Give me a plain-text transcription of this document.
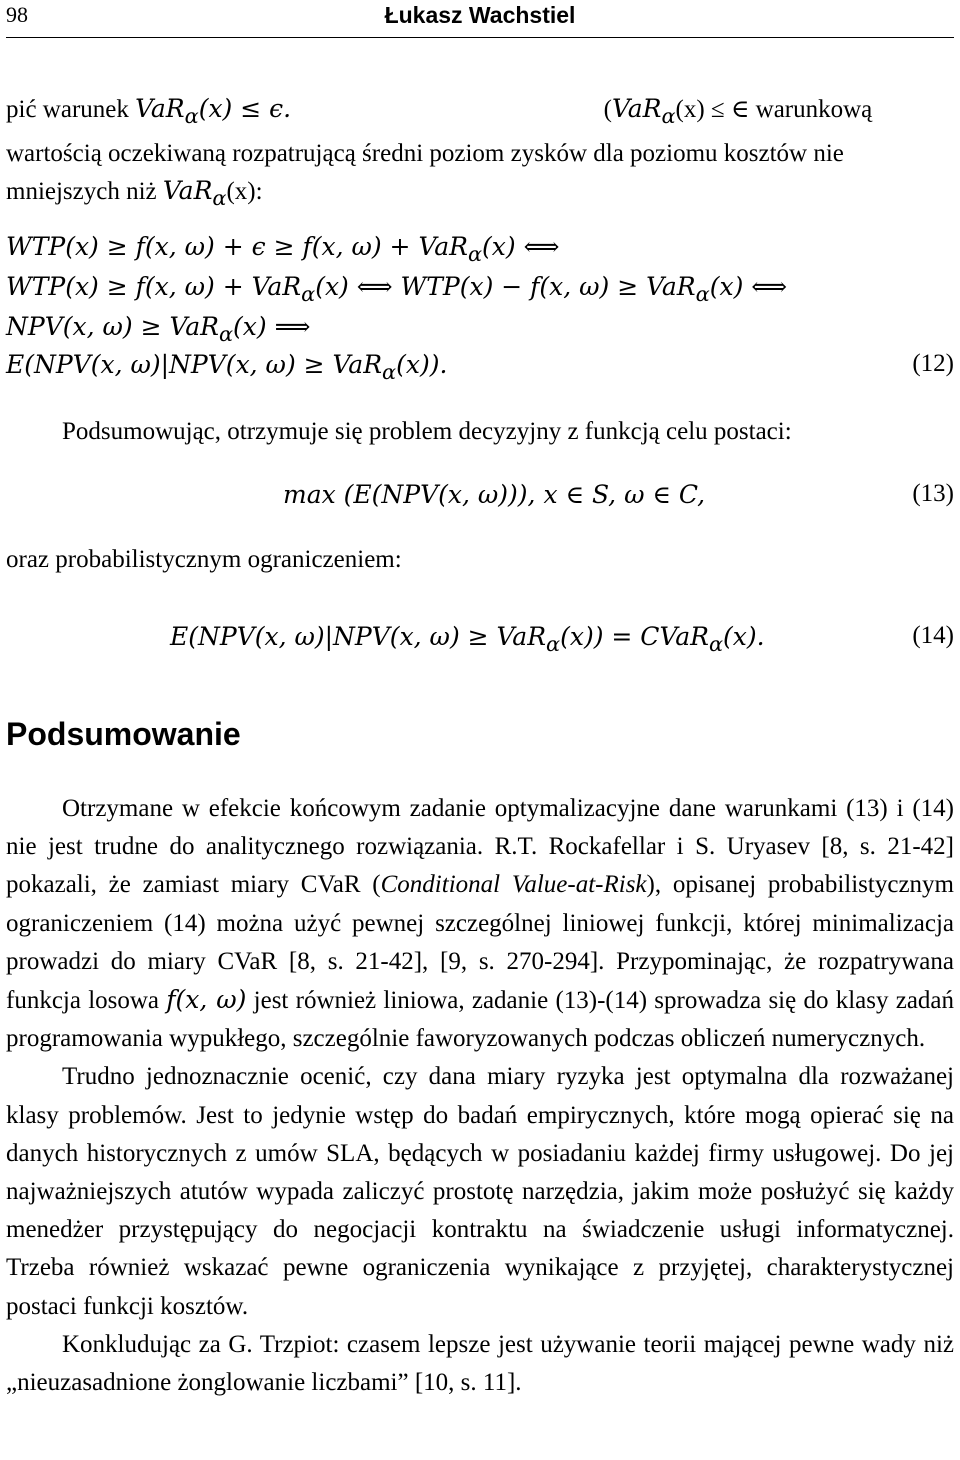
98	Łukasz Wachstiel
pić warunek VaR$_\alpha$(x) ≤ ϵ.	(VaR$_\alpha$(x) ≤ ∈ warunkową wartością oczekiwaną rozpatrującą średni poziom zysków dla poziomu kosztów nie mniejszych niż VaR$_\alpha$(x):
WTP(x) ≥ f(x, ω) + ϵ ≥ f(x, ω) + VaR$_\alpha$(x) ⟺
WTP(x) ≥ f(x, ω) + VaR$_\alpha$(x) ⟺ WTP(x) − f(x, ω) ≥ VaR$_\alpha$(x) ⟺
NPV(x, ω) ≥ VaR$_\alpha$(x) ⟹
E(NPV(x, ω)|NPV(x, ω) ≥ VaR$_\alpha$(x)).	(12)
Podsumowując, otrzymuje się problem decyzyjny z funkcją celu postaci:
max (E(NPV(x, ω))), x ∈ S, ω ∈ C,	(13)
oraz probabilistycznym ograniczeniem:
E(NPV(x, ω)|NPV(x, ω) ≥ VaR$_\alpha$(x)) = CVaR$_\alpha$(x).	(14)
Podsumowanie

Otrzymane w efekcie końcowym zadanie optymalizacyjne dane warunkami (13) i (14) nie jest trudne do analitycznego rozwiązania. R.T. Rockafellar i S. Uryasev [8, s. 21-42] pokazali, że zamiast miary CVaR (Conditional Value-at-Risk), opisanej probabilistycznym ograniczeniem (14) można użyć pewnej szczególnej liniowej funkcji, której minimalizacja prowadzi do miary CVaR [8, s. 21-42], [9, s. 270-294]. Przypominając, że rozpatrywana funkcja losowa f(x, ω) jest również liniowa, zadanie (13)-(14) sprowadza się do klasy zadań programowania wypukłego, szczególnie faworyzowanych podczas obliczeń numerycznych.

Trudno jednoznacznie ocenić, czy dana miary ryzyka jest optymalna dla rozważanej klasy problemów. Jest to jedynie wstęp do badań empirycznych, które mogą opierać się na danych historycznych z umów SLA, będących w posiadaniu każdej firmy usługowej. Do jej najważniejszych atutów wypada zaliczyć prostotę narzędzia, jakim może posłużyć się każdy menedżer przystępujący do negocjacji kontraktu na świadczenie usługi informatycznej. Trzeba również wskazać pewne ograniczenia wynikające z przyjętej, charakterystycznej postaci funkcji kosztów.

Konkludując za G. Trzpiot: czasem lepsze jest używanie teorii mającej pewne wady niż „nieuzasadnione żonglowanie liczbami” [10, s. 11].
